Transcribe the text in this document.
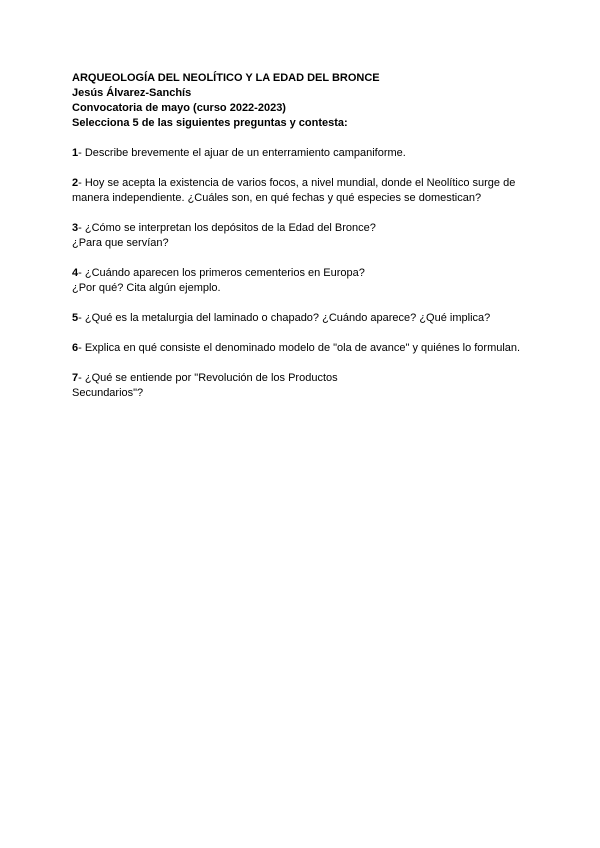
ARQUEOLOGÍA DEL NEOLÍTICO Y LA EDAD DEL BRONCE

Jesús Álvarez-Sanchís

Convocatoria de mayo (curso 2022-2023)

Selecciona 5 de las siguientes preguntas y contesta:

1- Describe brevemente el ajuar de un enterramiento campaniforme.
2- Hoy se acepta la existencia de varios focos, a nivel mundial, donde el Neolítico surge de
manera independiente. ¿Cuáles son, en qué fechas y qué especies se domestican?
3- ¿Cómo se interpretan los depósitos de la Edad del Bronce?
¿Para que servían?
4- ¿Cuándo aparecen los primeros cementerios en Europa?
¿Por qué? Cita algún ejemplo.
5- ¿Qué es la metalurgia del laminado o chapado? ¿Cuándo aparece? ¿Qué implica?
6- Explica en qué consiste el denominado modelo de "ola de avance" y quiénes lo formulan.
7- ¿Qué se entiende por "Revolución de los Productos
Secundarios"?
